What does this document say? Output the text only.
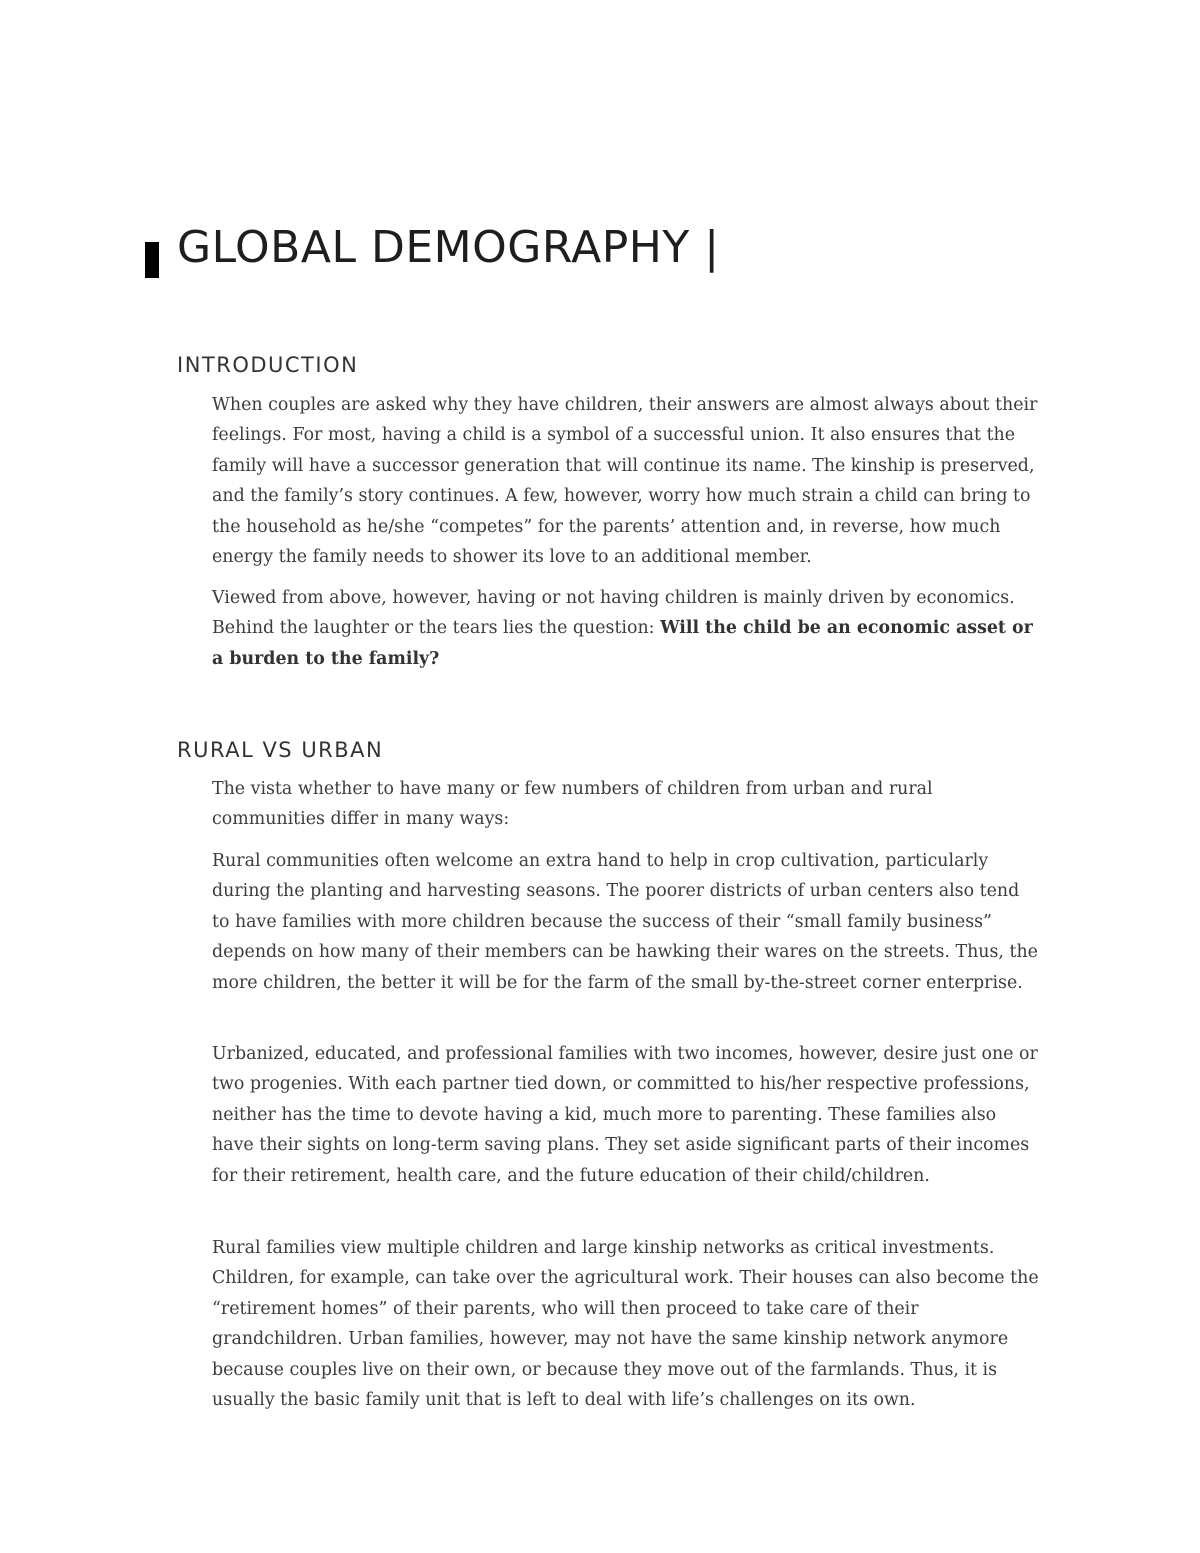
GLOBAL DEMOGRAPHY |
INTRODUCTION

When couples are asked why they have children, their answers are almost always about their feelings. For most, having a child is a symbol of a successful union. It also ensures that the family will have a successor generation that will continue its name. The kinship is preserved, and the family’s story continues. A few, however, worry how much strain a child can bring to the household as he/she “competes” for the parents’ attention and, in reverse, how much energy the family needs to shower its love to an additional member.

Viewed from above, however, having or not having children is mainly driven by economics. Behind the laughter or the tears lies the question: Will the child be an economic asset or a burden to the family?

RURAL VS URBAN

The vista whether to have many or few numbers of children from urban and rural communities differ in many ways:

Rural communities often welcome an extra hand to help in crop cultivation, particularly during the planting and harvesting seasons. The poorer districts of urban centers also tend to have families with more children because the success of their “small family business” depends on how many of their members can be hawking their wares on the streets. Thus, the more children, the better it will be for the farm of the small by-the-street corner enterprise.

Urbanized, educated, and professional families with two incomes, however, desire just one or two progenies. With each partner tied down, or committed to his/her respective professions, neither has the time to devote having a kid, much more to parenting. These families also have their sights on long-term saving plans. They set aside significant parts of their incomes for their retirement, health care, and the future education of their child/children.

Rural families view multiple children and large kinship networks as critical investments. Children, for example, can take over the agricultural work. Their houses can also become the “retirement homes” of their parents, who will then proceed to take care of their grandchildren. Urban families, however, may not have the same kinship network anymore because couples live on their own, or because they move out of the farmlands. Thus, it is usually the basic family unit that is left to deal with life’s challenges on its own.
